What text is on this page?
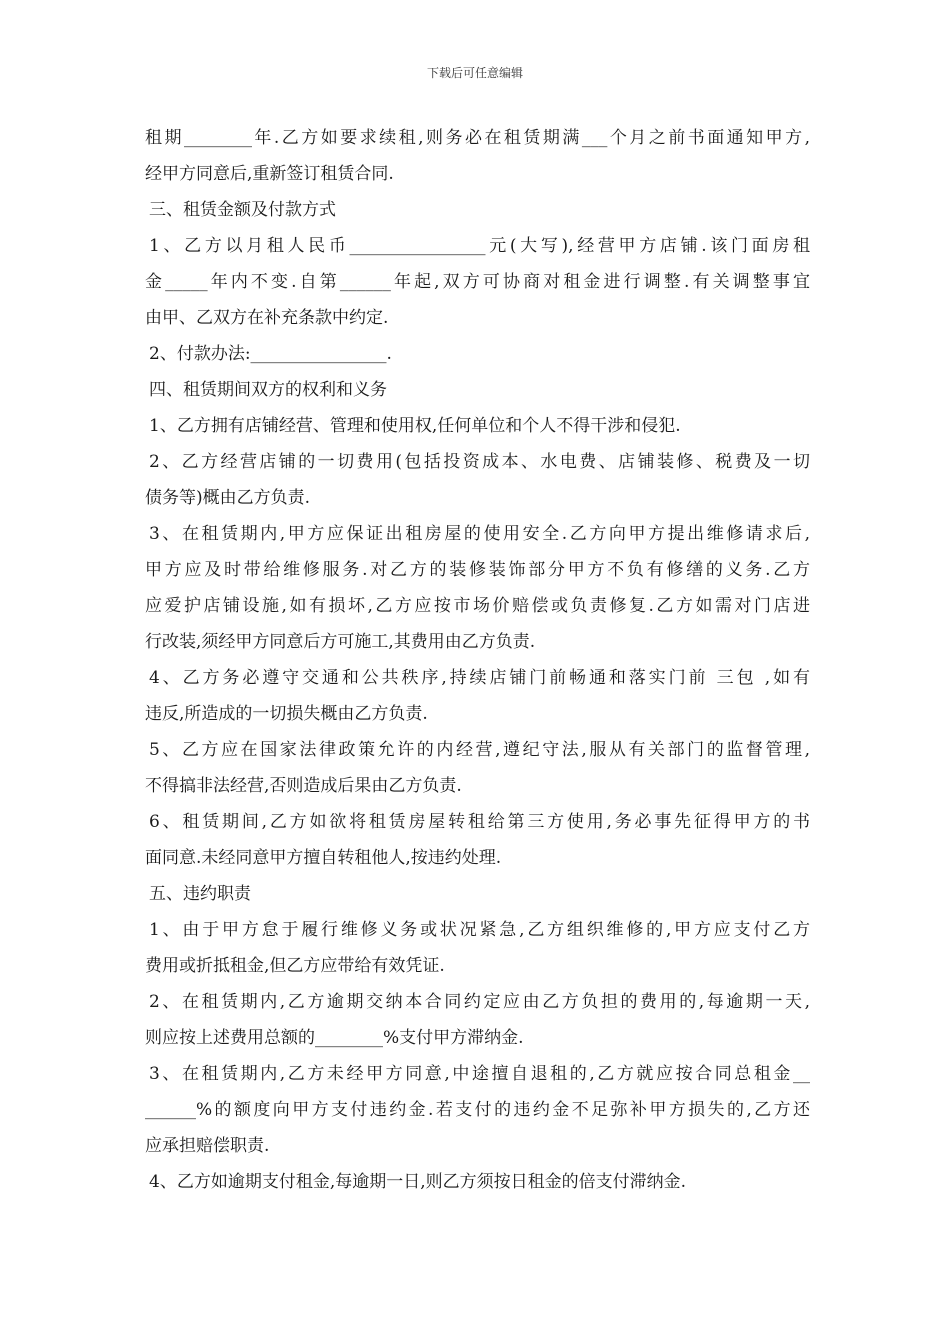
下载后可任意编辑
租期________年.乙方如要求续租,则务必在租赁期满___个月之前书面通知甲方,
经甲方同意后,重新签订租赁合同.
三、租赁金额及付款方式
1、乙方以月租人民币________________元(大写),经营甲方店铺.该门面房租
金_____年内不变.自第______年起,双方可协商对租金进行调整.有关调整事宜
由甲、乙双方在补充条款中约定.
2、付款办法:________________.
四、租赁期间双方的权利和义务
1、乙方拥有店铺经营、管理和使用权,任何单位和个人不得干涉和侵犯.
2、乙方经营店铺的一切费用(包括投资成本、水电费、店铺装修、税费及一切
债务等)概由乙方负责.
3、在租赁期内,甲方应保证出租房屋的使用安全.乙方向甲方提出维修请求后,
甲方应及时带给维修服务.对乙方的装修装饰部分甲方不负有修缮的义务.乙方
应爱护店铺设施,如有损坏,乙方应按市场价赔偿或负责修复.乙方如需对门店进
行改装,须经甲方同意后方可施工,其费用由乙方负责.
4、乙方务必遵守交通和公共秩序,持续店铺门前畅通和落实门前 三包 ,如有
违反,所造成的一切损失概由乙方负责.
5、乙方应在国家法律政策允许的内经营,遵纪守法,服从有关部门的监督管理,
不得搞非法经营,否则造成后果由乙方负责.
6、租赁期间,乙方如欲将租赁房屋转租给第三方使用,务必事先征得甲方的书
面同意.未经同意甲方擅自转租他人,按违约处理.
五、违约职责
1、由于甲方怠于履行维修义务或状况紧急,乙方组织维修的,甲方应支付乙方
费用或折抵租金,但乙方应带给有效凭证.
2、在租赁期内,乙方逾期交纳本合同约定应由乙方负担的费用的,每逾期一天,
则应按上述费用总额的________%支付甲方滞纳金.
3、在租赁期内,乙方未经甲方同意,中途擅自退租的,乙方就应按合同总租金__
______%的额度向甲方支付违约金.若支付的违约金不足弥补甲方损失的,乙方还
应承担赔偿职责.
4、乙方如逾期支付租金,每逾期一日,则乙方须按日租金的倍支付滞纳金.
